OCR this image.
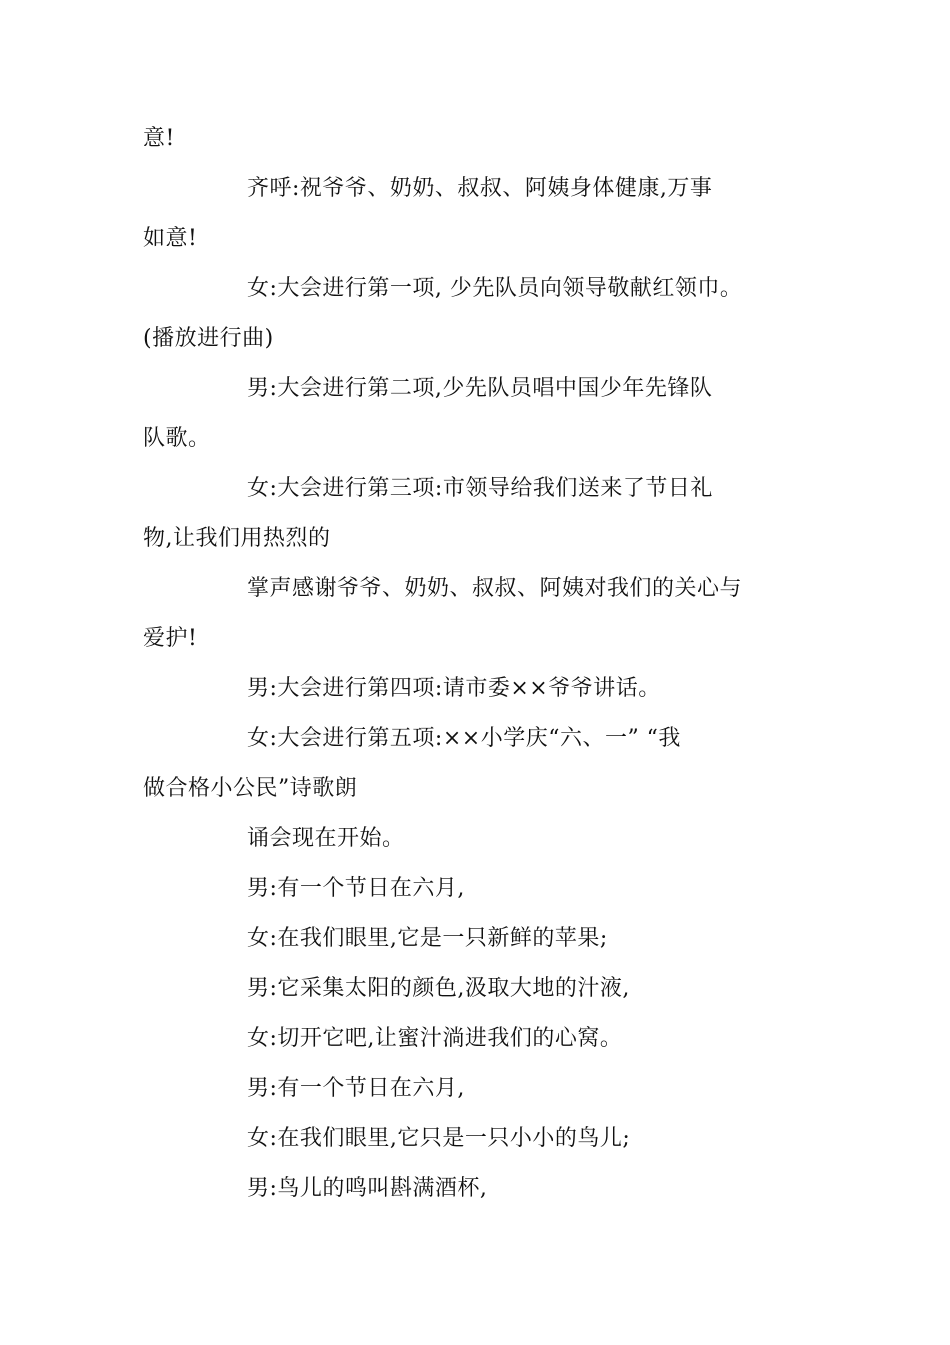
意!
齐呼:祝爷爷、奶奶、叔叔、阿姨身体健康,万事
如意!
女:大会进行第一项, 少先队员向领导敬献红领巾。
(播放进行曲)
男:大会进行第二项,少先队员唱中国少年先锋队
队歌。
女:大会进行第三项:市领导给我们送来了节日礼
物,让我们用热烈的
掌声感谢爷爷、奶奶、叔叔、阿姨对我们的关心与
爱护!
男:大会进行第四项:请市委××爷爷讲话。
女:大会进行第五项:××小学庆“六、一” “我
做合格小公民”诗歌朗
诵会现在开始。
男:有一个节日在六月,
女:在我们眼里,它是一只新鲜的苹果;
男:它采集太阳的颜色,汲取大地的汁液,
女:切开它吧,让蜜汁淌进我们的心窝。
男:有一个节日在六月,
女:在我们眼里,它只是一只小小的鸟儿;
男:鸟儿的鸣叫斟满酒杯,
